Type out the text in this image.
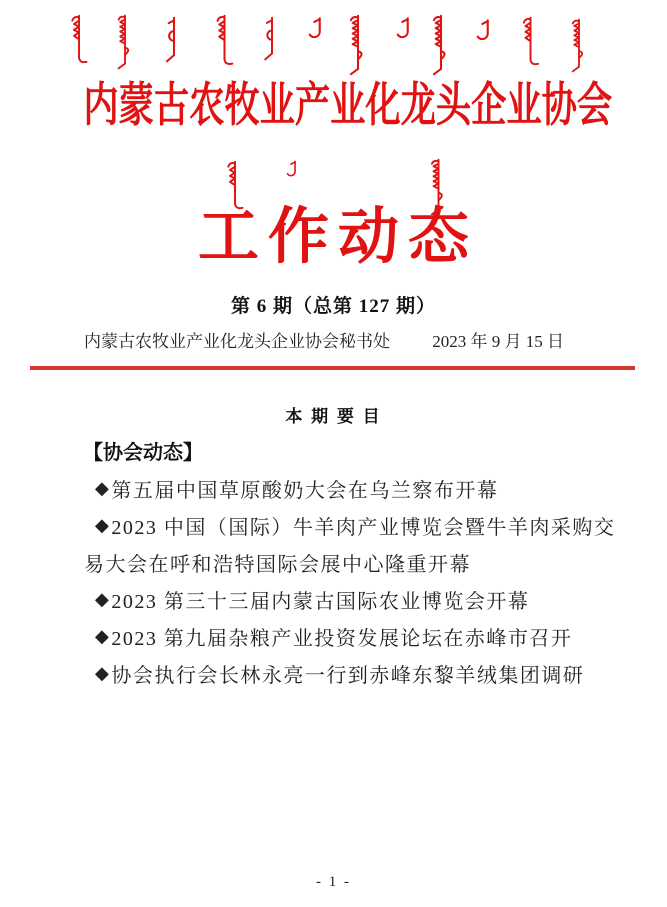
内蒙古农牧业产业化龙头企业协会
工作动态
第 6 期（总第 127 期）
内蒙古农牧业产业化龙头企业协会秘书处 2023 年 9 月 15 日
本 期 要 目
【协会动态】
◆ 第五届中国草原酸奶大会在乌兰察布开幕
◆ 2023 中国（国际）牛羊肉产业博览会暨牛羊肉采购交
易大会在呼和浩特国际会展中心隆重开幕
◆ 2023 第三十三届内蒙古国际农业博览会开幕
◆ 2023 第九届杂粮产业投资发展论坛在赤峰市召开
◆ 协会执行会长林永亮一行到赤峰东黎羊绒集团调研
- 1 -
